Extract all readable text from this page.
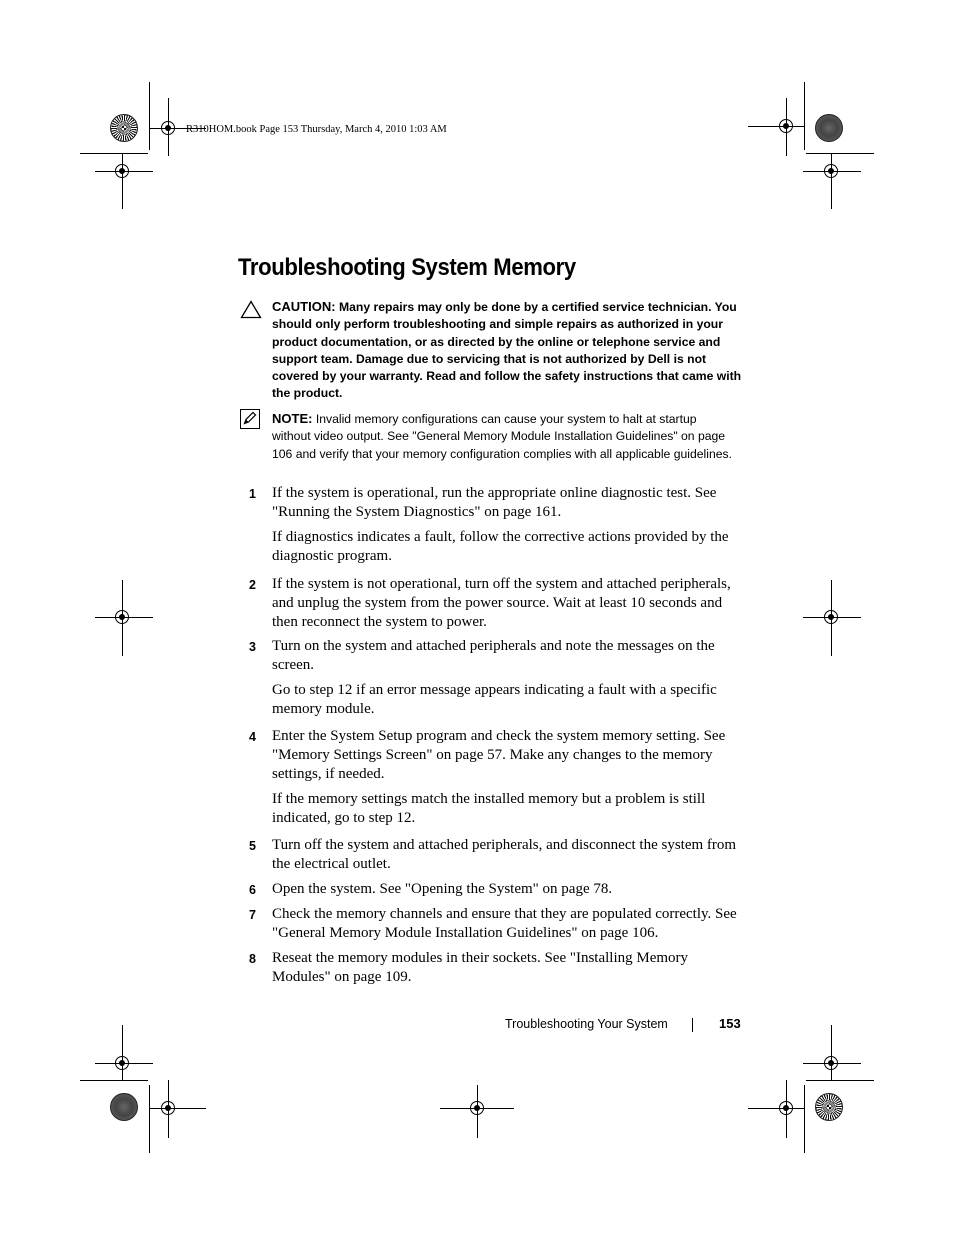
R310HOM.book Page 153 Thursday, March 4, 2010 1:03 AM
Troubleshooting System Memory
CAUTION: Many repairs may only be done by a certified service technician. You should only perform troubleshooting and simple repairs as authorized in your product documentation, or as directed by the online or telephone service and support team. Damage due to servicing that is not authorized by Dell is not covered by your warranty. Read and follow the safety instructions that came with the product.
NOTE: Invalid memory configurations can cause your system to halt at startup without video output. See "General Memory Module Installation Guidelines" on page 106 and verify that your memory configuration complies with all applicable guidelines.
1 If the system is operational, run the appropriate online diagnostic test. See "Running the System Diagnostics" on page 161.
If diagnostics indicates a fault, follow the corrective actions provided by the diagnostic program.
2 If the system is not operational, turn off the system and attached peripherals, and unplug the system from the power source. Wait at least 10 seconds and then reconnect the system to power.
3 Turn on the system and attached peripherals and note the messages on the screen.
Go to step 12 if an error message appears indicating a fault with a specific memory module.
4 Enter the System Setup program and check the system memory setting. See "Memory Settings Screen" on page 57. Make any changes to the memory settings, if needed.
If the memory settings match the installed memory but a problem is still indicated, go to step 12.
5 Turn off the system and attached peripherals, and disconnect the system from the electrical outlet.
6 Open the system. See "Opening the System" on page 78.
7 Check the memory channels and ensure that they are populated correctly. See "General Memory Module Installation Guidelines" on page 106.
8 Reseat the memory modules in their sockets. See "Installing Memory Modules" on page 109.
Troubleshooting Your System	153
